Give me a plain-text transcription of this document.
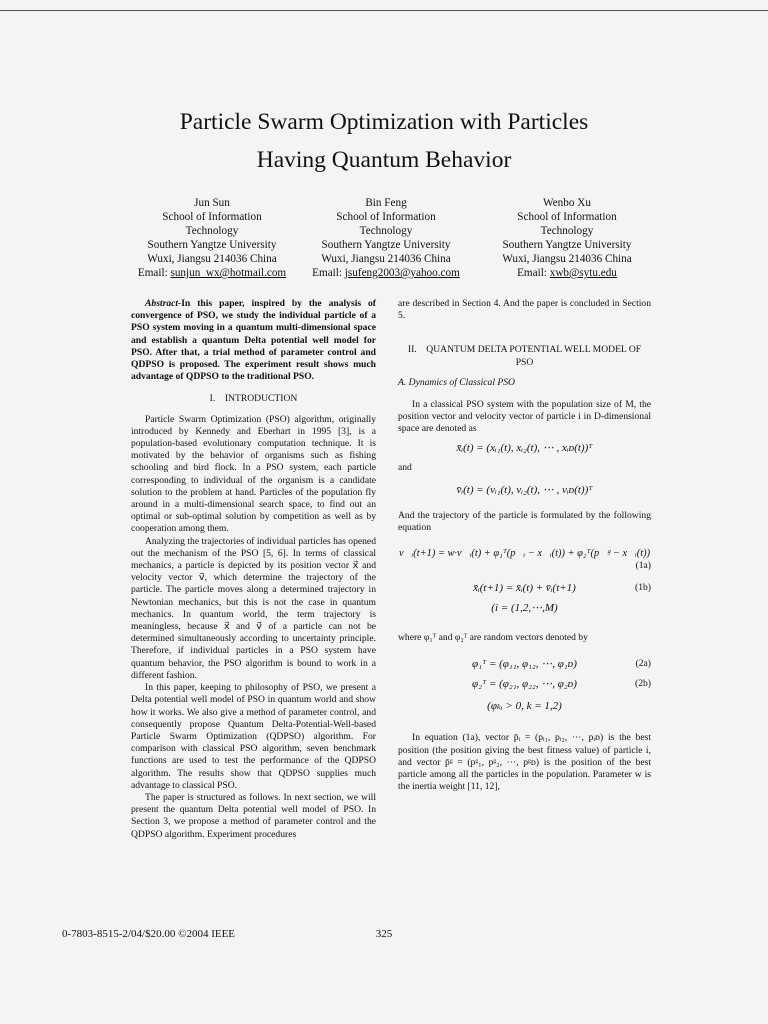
Particle Swarm Optimization with Particles
Having Quantum Behavior
Jun Sun
School of Information
Technology
Southern Yangtze University
Wuxi, Jiangsu 214036 China
Email: sunjun_wx@hotmail.com
Bin Feng
School of Information
Technology
Southern Yangtze University
Wuxi, Jiangsu 214036 China
Email: jsufeng2003@yahoo.com
Wenbo Xu
School of Information
Technology
Southern Yangtze University
Wuxi, Jiangsu 214036 China
Email: xwb@sytu.edu

Abstract-In this paper, inspired by the analysis of convergence of PSO, we study the individual particle of a PSO system moving in a quantum multi-dimensional space and establish a quantum Delta potential well model for PSO. After that, a trial method of parameter control and QDPSO is proposed. The experiment result shows much advantage of QDPSO to the traditional PSO.

I. INTRODUCTION

Particle Swarm Optimization (PSO) algorithm, originally introduced by Kennedy and Eberhart in 1995 [3], is a population-based evolutionary computation technique. It is motivated by the behavior of organisms such as fishing schooling and bird flock. In a PSO system, each particle corresponding to individual of the organism is a candidate solution to the problem at hand. Particles of the population fly around in a multi-dimensional search space, to find out an optimal or sub-optimal solution by competition as well as by cooperation among them.

Analyzing the trajectories of individual particles has opened out the mechanism of the PSO [5, 6]. In terms of classical mechanics, a particle is depicted by its position vector x⃗ and velocity vector v⃗, which determine the trajectory of the particle. The particle moves along a determined trajectory in Newtonian mechanics, but this is not the case in quantum mechanics. In quantum world, the term trajectory is meaningless, because x⃗ and v⃗ of a particle can not be determined simultaneously according to uncertainty principle. Therefore, if individual particles in a PSO system have quantum behavior, the PSO algorithm is bound to work in a different fashion.

In this paper, keeping to philosophy of PSO, we present a Delta potential well model of PSO in quantum world and show how it works. We also give a method of parameter control, and consequently propose Quantum Delta-Potential-Well-based Particle Swarm Optimization (QDPSO) algorithm. For comparison with classical PSO algorithm, seven benchmark functions are used to test the performance of the QDPSO algorithm. The results show that QDPSO supplies much advantage to classical PSO.

The paper is structured as follows. In next section, we will present the quantum Delta potential well model of PSO. In Section 3, we propose a method of parameter control and the QDPSO algorithm. Experiment procedures

are described in Section 4. And the paper is concluded in Section 5.

II. QUANTUM DELTA POTENTIAL WELL MODEL OF PSO

A. Dynamics of Classical PSO

In a classical PSO system with the population size of M, the position vector and velocity vector of particle i in D-dimensional space are denoted as

x̄ᵢ(t) = (xᵢ₁(t), xᵢ₂(t), ⋯ , xᵢᴅ(t))ᵀ

and

v̄ᵢ(t) = (vᵢ₁(t), vᵢ₂(t), ⋯ , vᵢᴅ(t))ᵀ

And the trajectory of the particle is formulated by the following equation

v⃗ᵢ(t+1) = w·v⃗ᵢ(t) + φ₁ᵀ(p⃗ᵢ − x⃗ᵢ(t)) + φ₂ᵀ(p⃗ᵍ − x⃗ᵢ(t))
(1a)
x̄ᵢ(t+1) = x̄ᵢ(t) + v̄ᵢ(t+1)	(1b)
(i = (1,2,⋯,M)

where φ₁ᵀ and φ₂ᵀ are random vectors denoted by

φ₁ᵀ = (φ₁₁, φ₁₂, ⋯, φ₁ᴅ)	(2a)
φ₂ᵀ = (φ₂₁, φ₂₂, ⋯, φ₂ᴅ)	(2b)
(φₖᵢ > 0, k = 1,2)

In equation (1a), vector p̄ᵢ = (pᵢ₁, pᵢ₂, ⋯, pᵢᴅ) is the best position (the position giving the best fitness value) of particle i, and vector p̄ᵍ = (pᵍ₁, pᵍ₂, ⋯, pᵍᴅ) is the position of the best particle among all the particles in the population. Parameter w is the inertia weight [11, 12],

0-7803-8515-2/04/$20.00 ©2004 IEEE	325
